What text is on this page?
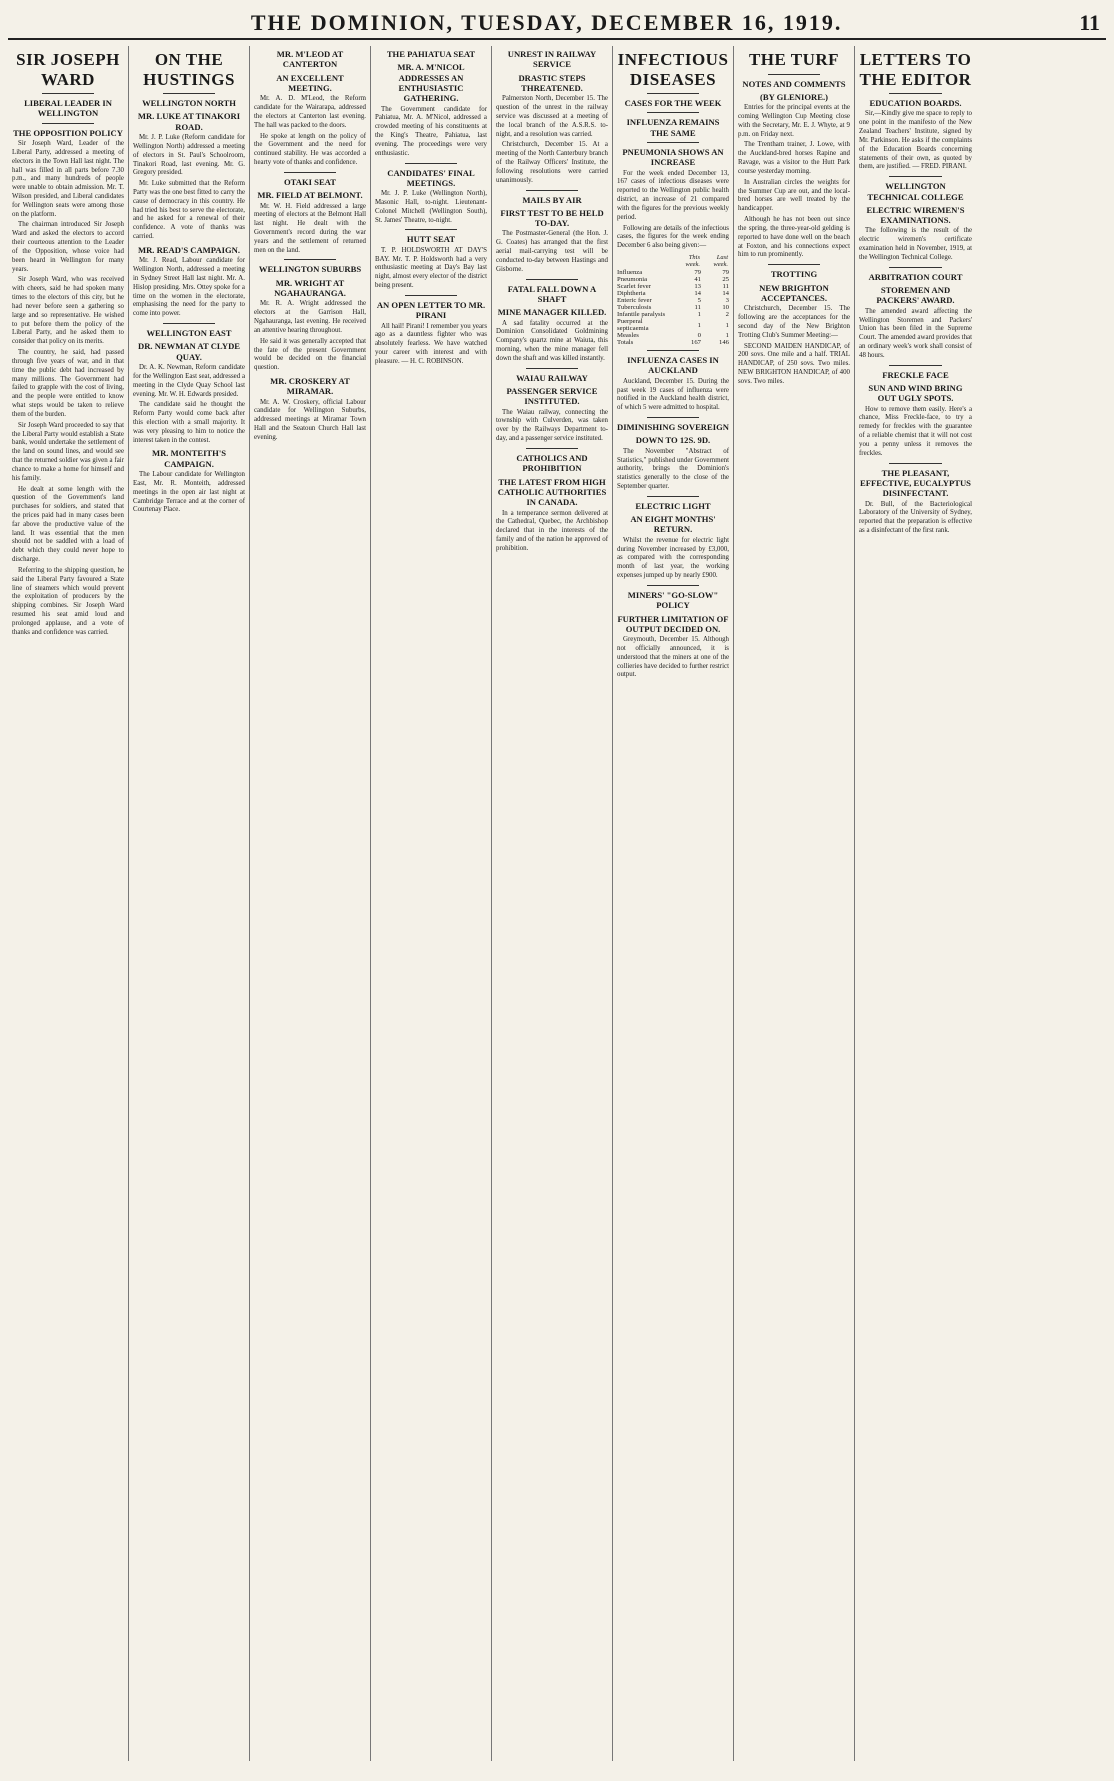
THE DOMINION, TUESDAY, DECEMBER 16, 1919.	11
SIR JOSEPH WARD
LIBERAL LEADER IN WELLINGTON
THE OPPOSITION POLICY

Sir Joseph Ward, Leader of the Liberal Party, addressed a meeting of electors in the Town Hall last night. The hall was filled in all parts before 7.30 p.m., and many hundreds of people were unable to obtain admission. Mr. T. Wilson presided, and Liberal candidates for Wellington seats were among those on the platform.

The chairman introduced Sir Joseph Ward and asked the electors to accord their courteous attention to the Leader of the Opposition, whose voice had been heard in Wellington for many years.

Sir Joseph Ward, who was received with cheers, said he had spoken many times to the electors of this city, but he had never before seen a gathering so large and so representative. He wished to put before them the policy of the Liberal Party, and he asked them to consider that policy on its merits.

The country, he said, had passed through five years of war, and in that time the public debt had increased by many millions. The Government had failed to grapple with the cost of living, and the people were entitled to know what steps would be taken to relieve them of the burden.

Sir Joseph Ward proceeded to say that the Liberal Party would establish a State bank, would undertake the settlement of the land on sound lines, and would see that the returned soldier was given a fair chance to make a home for himself and his family.

He dealt at some length with the question of the Government's land purchases for soldiers, and stated that the prices paid had in many cases been far above the productive value of the land. It was essential that the men should not be saddled with a load of debt which they could never hope to discharge.

Referring to the shipping question, he said the Liberal Party favoured a State line of steamers which would prevent the exploitation of producers by the shipping combines. Sir Joseph Ward resumed his seat amid loud and prolonged applause, and a vote of thanks and confidence was carried.

ON THE HUSTINGS
WELLINGTON NORTH
MR. LUKE AT TINAKORI ROAD.

Mr. J. P. Luke (Reform candidate for Wellington North) addressed a meeting of electors in St. Paul's Schoolroom, Tinakori Road, last evening. Mr. G. Gregory presided.

Mr. Luke submitted that the Reform Party was the one best fitted to carry the cause of democracy in this country. He had tried his best to serve the electorate, and he asked for a renewal of their confidence. A vote of thanks was carried.

MR. READ'S CAMPAIGN.

Mr. J. Read, Labour candidate for Wellington North, addressed a meeting in Sydney Street Hall last night. Mr. A. Hislop presiding. Mrs. Ottey spoke for a time on the women in the electorate, emphasising the need for the party to come into power.

WELLINGTON EAST
DR. NEWMAN AT CLYDE QUAY.

Dr. A. K. Newman, Reform candidate for the Wellington East seat, addressed a meeting in the Clyde Quay School last evening. Mr. W. H. Edwards presided.

The candidate said he thought the Reform Party would come back after this election with a small majority. It was very pleasing to him to notice the interest taken in the contest.

MR. MONTEITH'S CAMPAIGN.

The Labour candidate for Wellington East, Mr. R. Monteith, addressed meetings in the open air last night at Cambridge Terrace and at the corner of Courtenay Place.

MR. M'LEOD AT CANTERTON
AN EXCELLENT MEETING.

Mr. A. D. M'Leod, the Reform candidate for the Wairarapa, addressed the electors at Canterton last evening. The hall was packed to the doors.

He spoke at length on the policy of the Government and the need for continued stability. He was accorded a hearty vote of thanks and confidence.

OTAKI SEAT
MR. FIELD AT BELMONT.

Mr. W. H. Field addressed a large meeting of electors at the Belmont Hall last night. He dealt with the Government's record during the war years and the settlement of returned men on the land.

WELLINGTON SUBURBS
MR. WRIGHT AT NGAHAURANGA.

Mr. R. A. Wright addressed the electors at the Garrison Hall, Ngahauranga, last evening. He received an attentive hearing throughout.

He said it was generally accepted that the fate of the present Government would be decided on the financial question.

MR. CROSKERY AT MIRAMAR.

Mr. A. W. Croskery, official Labour candidate for Wellington Suburbs, addressed meetings at Miramar Town Hall and the Seatoun Church Hall last evening.

THE PAHIATUA SEAT
MR. A. M'NICOL ADDRESSES AN ENTHUSIASTIC GATHERING.

The Government candidate for Pahiatua, Mr. A. M'Nicol, addressed a crowded meeting of his constituents at the King's Theatre, Pahiatua, last evening. The proceedings were very enthusiastic.

CANDIDATES' FINAL MEETINGS.

Mr. J. P. Luke (Wellington North), Masonic Hall, to-night. Lieutenant-Colonel Mitchell (Wellington South), St. James' Theatre, to-night.

HUTT SEAT

T. P. HOLDSWORTH AT DAY'S BAY. Mr. T. P. Holdsworth had a very enthusiastic meeting at Day's Bay last night, almost every elector of the district being present.

AN OPEN LETTER TO MR. PIRANI

All hail! Pirani! I remember you years ago as a dauntless fighter who was absolutely fearless. We have watched your career with interest and with pleasure. — H. C. ROBINSON.

UNREST IN RAILWAY SERVICE
DRASTIC STEPS THREATENED.

Palmerston North, December 15. The question of the unrest in the railway service was discussed at a meeting of the local branch of the A.S.R.S. to-night, and a resolution was carried.

Christchurch, December 15. At a meeting of the North Canterbury branch of the Railway Officers' Institute, the following resolutions were carried unanimously.

MAILS BY AIR
FIRST TEST TO BE HELD TO-DAY.

The Postmaster-General (the Hon. J. G. Coates) has arranged that the first aerial mail-carrying test will be conducted to-day between Hastings and Gisborne.

FATAL FALL DOWN A SHAFT
MINE MANAGER KILLED.

A sad fatality occurred at the Dominion Consolidated Goldmining Company's quartz mine at Waiuta, this morning, when the mine manager fell down the shaft and was killed instantly.

WAIAU RAILWAY
PASSENGER SERVICE INSTITUTED.

The Waiau railway, connecting the township with Culverden, was taken over by the Railways Department to-day, and a passenger service instituted.

CATHOLICS AND PROHIBITION
THE LATEST FROM HIGH CATHOLIC AUTHORITIES IN CANADA.

In a temperance sermon delivered at the Cathedral, Quebec, the Archbishop declared that in the interests of the family and of the nation he approved of prohibition.

INFECTIOUS DISEASES
CASES FOR THE WEEK
INFLUENZA REMAINS THE SAME
PNEUMONIA SHOWS AN INCREASE

For the week ended December 13, 167 cases of infectious diseases were reported to the Wellington public health district, an increase of 21 compared with the figures for the previous weekly period.

Following are details of the infectious cases, the figures for the week ending December 6 also being given:—

	This week.	Last week.
Influenza	79	79
Pneumonia	41	25
Scarlet fever	13	11
Diphtheria	14	14
Enteric fever	5	3
Tuberculosis	11	10
Infantile paralysis	1	2
Puerperal septicaemia	1	1
Measles	0	1
Totals	167	146
INFLUENZA CASES IN AUCKLAND

Auckland, December 15. During the past week 19 cases of influenza were notified in the Auckland health district, of which 5 were admitted to hospital.

DIMINISHING SOVEREIGN
DOWN TO 12S. 9D.

The November "Abstract of Statistics," published under Government authority, brings the Dominion's statistics generally to the close of the September quarter.

ELECTRIC LIGHT
AN EIGHT MONTHS' RETURN.

Whilst the revenue for electric light during November increased by £3,000, as compared with the corresponding month of last year, the working expenses jumped up by nearly £900.

MINERS' "GO-SLOW" POLICY
FURTHER LIMITATION OF OUTPUT DECIDED ON.

Greymouth, December 15. Although not officially announced, it is understood that the miners at one of the collieries have decided to further restrict output.

THE TURF
NOTES AND COMMENTS
(BY GLENIORE.)

Entries for the principal events at the coming Wellington Cup Meeting close with the Secretary, Mr. E. J. Whyte, at 9 p.m. on Friday next.

The Trentham trainer, J. Lowe, with the Auckland-bred horses Rapine and Ravage, was a visitor to the Hutt Park course yesterday morning.

In Australian circles the weights for the Summer Cup are out, and the local-bred horses are well treated by the handicapper.

Although he has not been out since the spring, the three-year-old gelding is reported to have done well on the beach at Foxton, and his connections expect him to run prominently.

TROTTING
NEW BRIGHTON ACCEPTANCES.

Christchurch, December 15. The following are the acceptances for the second day of the New Brighton Trotting Club's Summer Meeting:—

SECOND MAIDEN HANDICAP, of 200 sovs. One mile and a half. TRIAL HANDICAP, of 250 sovs. Two miles. NEW BRIGHTON HANDICAP, of 400 sovs. Two miles.

LETTERS TO THE EDITOR
EDUCATION BOARDS.

Sir,—Kindly give me space to reply to one point in the manifesto of the New Zealand Teachers' Institute, signed by Mr. Parkinson. He asks if the complaints of the Education Boards concerning statements of their own, as quoted by them, are justified. — FRED. PIRANI.

WELLINGTON TECHNICAL COLLEGE
ELECTRIC WIREMEN'S EXAMINATIONS.

The following is the result of the electric wiremen's certificate examination held in November, 1919, at the Wellington Technical College.

ARBITRATION COURT
STOREMEN AND PACKERS' AWARD.

The amended award affecting the Wellington Storemen and Packers' Union has been filed in the Supreme Court. The amended award provides that an ordinary week's work shall consist of 48 hours.

FRECKLE FACE
SUN AND WIND BRING OUT UGLY SPOTS.

How to remove them easily. Here's a chance, Miss Freckle-face, to try a remedy for freckles with the guarantee of a reliable chemist that it will not cost you a penny unless it removes the freckles.

THE PLEASANT, EFFECTIVE, EUCALYPTUS DISINFECTANT.

Dr. Bull, of the Bacteriological Laboratory of the University of Sydney, reported that the preparation is effective as a disinfectant of the first rank.
